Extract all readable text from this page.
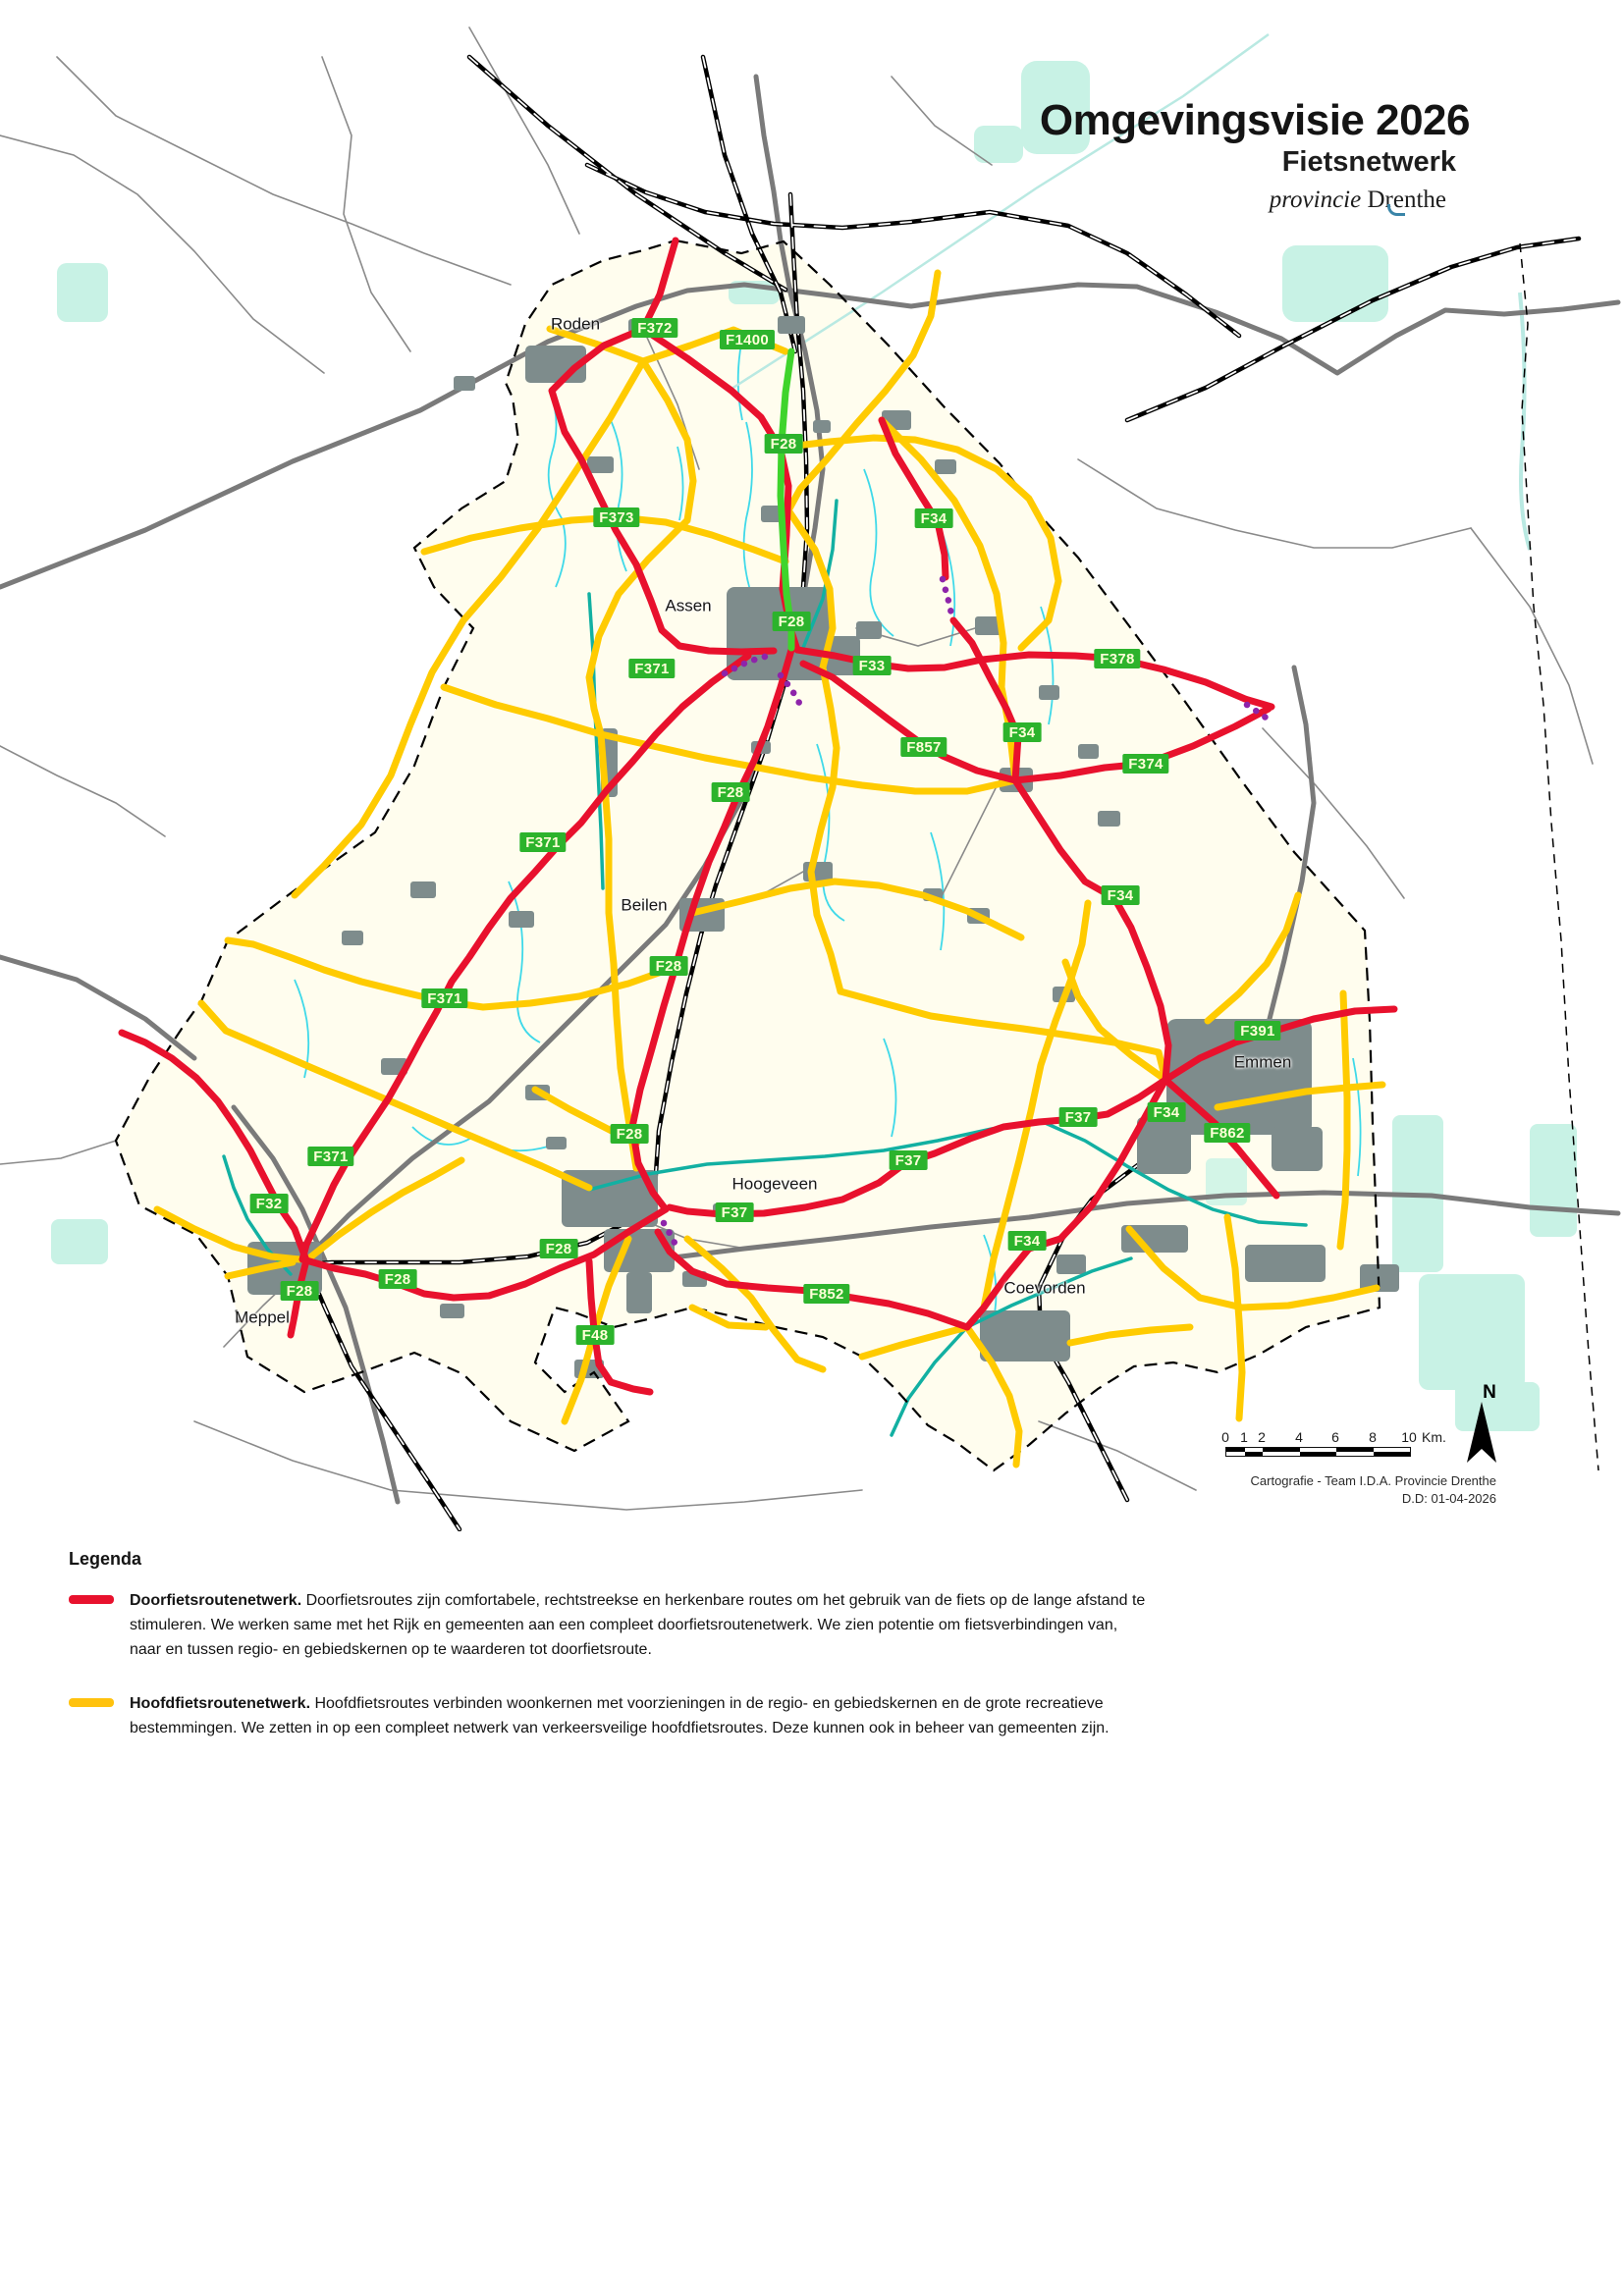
Roden
Assen
Beilen
Hoogeveen
Emmen
Coevorden
Meppel
F372
F1400
F28
F373	F34
F28
F371	F33	F378
F34
F857
F374
F28
F371
F34
F28
F371
F391
F37	F34
F862
F28
F371	F37
F32
F37
F28	F34
F28
F852
F28
F48
Omgevingsvisie 2026
Fietsnetwerk
provincie Drenthe
0 1 2 4 6 8 10 Km.
N
Cartografie - Team I.D.A. Provincie Drenthe
D.D: 01-04-2026
Legenda
Doorfietsroutenetwerk. Doorfietsroutes zijn comfortabele, rechtstreekse en herkenbare routes om het gebruik van de fiets op de lange afstand te stimuleren. We werken same met het Rijk en gemeenten aan een compleet doorfietsroutenetwerk. We zien potentie om fietsverbindingen van, naar en tussen regio- en gebiedskernen op te waarderen tot doorfietsroute.
Hoofdfietsroutenetwerk. Hoofdfietsroutes verbinden woonkernen met voorzieningen in de regio- en gebiedskernen en de grote recreatieve bestemmingen. We zetten in op een compleet netwerk van verkeersveilige hoofdfietsroutes. Deze kunnen ook in beheer van gemeenten zijn.
